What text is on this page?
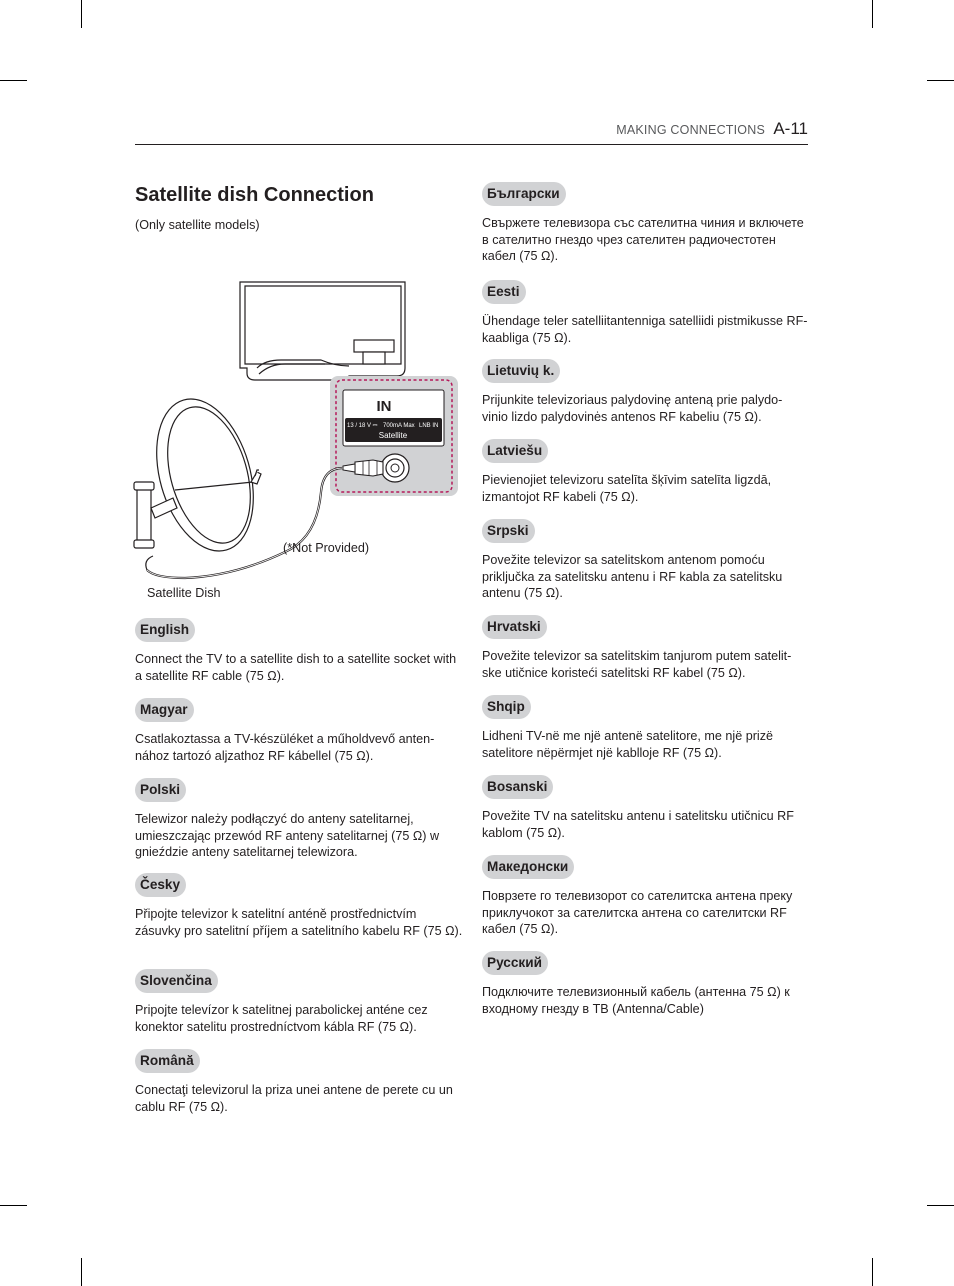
MAKING CONNECTIONS A-11
Satellite dish Connection
(Only satellite models)
IN
13 / 18 V ⎓ 700mA Max LNB IN
Satellite
(*Not Provided)
Satellite Dish
English
Connect the TV to a satellite dish to a satellite socket with a satellite RF cable (75 Ω).
Magyar
Csatlakoztassa a TV-készüléket a műholdvevő anten-
nához tartozó aljzathoz RF kábellel (75 Ω).
Polski
Telewizor należy podłączyć do anteny satelitarnej, umieszczając przewód RF anteny satelitarnej (75 Ω) w gnieździe anteny satelitarnej telewizora.
Česky
Připojte televizor k satelitní anténě prostřednictvím zásuvky pro satelitní příjem a satelitního kabelu RF (75 Ω).
Slovenčina
Pripojte televízor k satelitnej parabolickej anténe cez konektor satelitu prostredníctvom kábla RF (75 Ω).
Română
Conectaţi televizorul la priza unei antene de perete cu un cablu RF (75 Ω).
Български
Свържете телевизора със сателитна чиния и включете в сателитно гнездо чрез сателитен радиочестотен кабел (75 Ω).
Eesti
Ühendage teler satelliitantenniga satelliidi pistmikusse RF-kaabliga (75 Ω).
Lietuvių k.
Prijunkite televizoriaus palydovinę anteną prie palydo-
vinio lizdo palydovinės antenos RF kabeliu (75 Ω).
Latviešu
Pievienojiet televizoru satelīta šķīvim satelīta ligzdā, izmantojot RF kabeli (75 Ω).
Srpski
Povežite televizor sa satelitskom antenom pomoću priključka za satelitsku antenu i RF kabla za satelitsku antenu (75 Ω).
Hrvatski
Povežite televizor sa satelitskim tanjurom putem satelit-
ske utičnice koristeći satelitski RF kabel (75 Ω).
Shqip
Lidheni TV-në me një antenë satelitore, me një prizë satelitore nëpërmjet një kablloje RF (75 Ω).
Bosanski
Povežite TV na satelitsku antenu i satelitsku utičnicu RF kablom (75 Ω).
Македонски
Поврзете го телевизорот со сателитска антена преку приклучокот за сателитска антена со сателитски RF кабел (75 Ω).
Русский
Подключите телевизионный кабель (антенна 75 Ω) к входному гнезду в ТВ (Antenna/Cable)
